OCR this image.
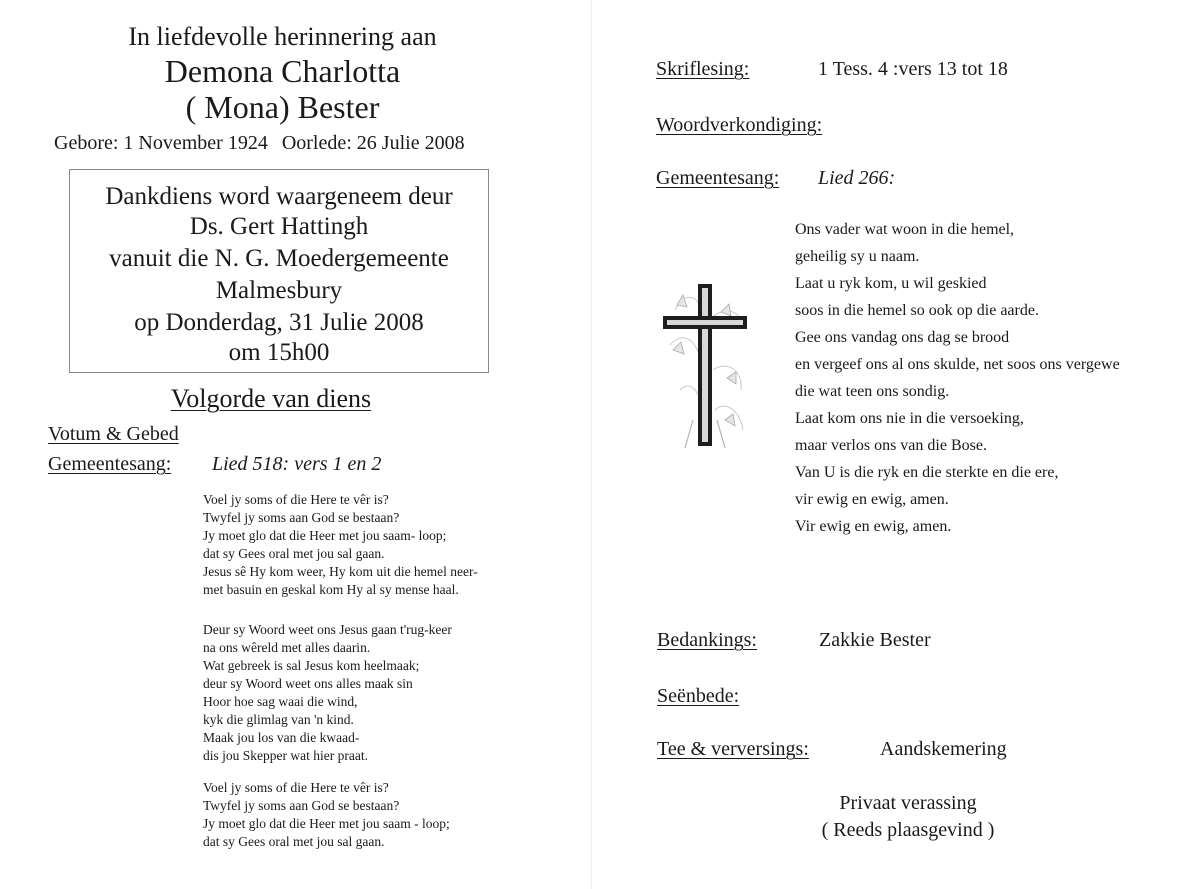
In liefdevolle herinnering aan
Demona Charlotta
( Mona) Bester
Gebore: 1 November 1924 Oorlede: 26 Julie 2008
Dankdiens word waargeneem deur
Ds. Gert Hattingh
vanuit die N. G. Moedergemeente
Malmesbury
op Donderdag, 31 Julie 2008
om 15h00
Volgorde van diens
Votum & Gebed
Gemeentesang: Lied 518: vers 1 en 2
Voel jy soms of die Here te vêr is?
Twyfel jy soms aan God se bestaan?
Jy moet glo dat die Heer met jou saam- loop;
dat sy Gees oral met jou sal gaan.
Jesus sê Hy kom weer, Hy kom uit die hemel neer-
met basuin en geskal kom Hy al sy mense haal.
Deur sy Woord weet ons Jesus gaan t'rug-keer
na ons wêreld met alles daarin.
Wat gebreek is sal Jesus kom heelmaak;
deur sy Woord weet ons alles maak sin
Hoor hoe sag waai die wind,
kyk die glimlag van 'n kind.
Maak jou los van die kwaad-
dis jou Skepper wat hier praat.
Voel jy soms of die Here te vêr is?
Twyfel jy soms aan God se bestaan?
Jy moet glo dat die Heer met jou saam - loop;
dat sy Gees oral met jou sal gaan.
Skriflesing:	1 Tess. 4 :vers 13 tot 18
Woordverkondiging:
Gemeentesang: Lied 266:
Ons vader wat woon in die hemel,
geheilig sy u naam.
Laat u ryk kom, u wil geskied
soos in die hemel so ook op die aarde.
Gee ons vandag ons dag se brood
en vergeef ons al ons skulde, net soos ons vergewe
die wat teen ons sondig.
Laat kom ons nie in die versoeking,
maar verlos ons van die Bose.
Van U is die ryk en die sterkte en die ere,
vir ewig en ewig, amen.
Vir ewig en ewig, amen.
Bedankings:	Zakkie Bester
Seënbede:
Tee & verversings:	Aandskemering
Privaat verassing
( Reeds plaasgevind )
